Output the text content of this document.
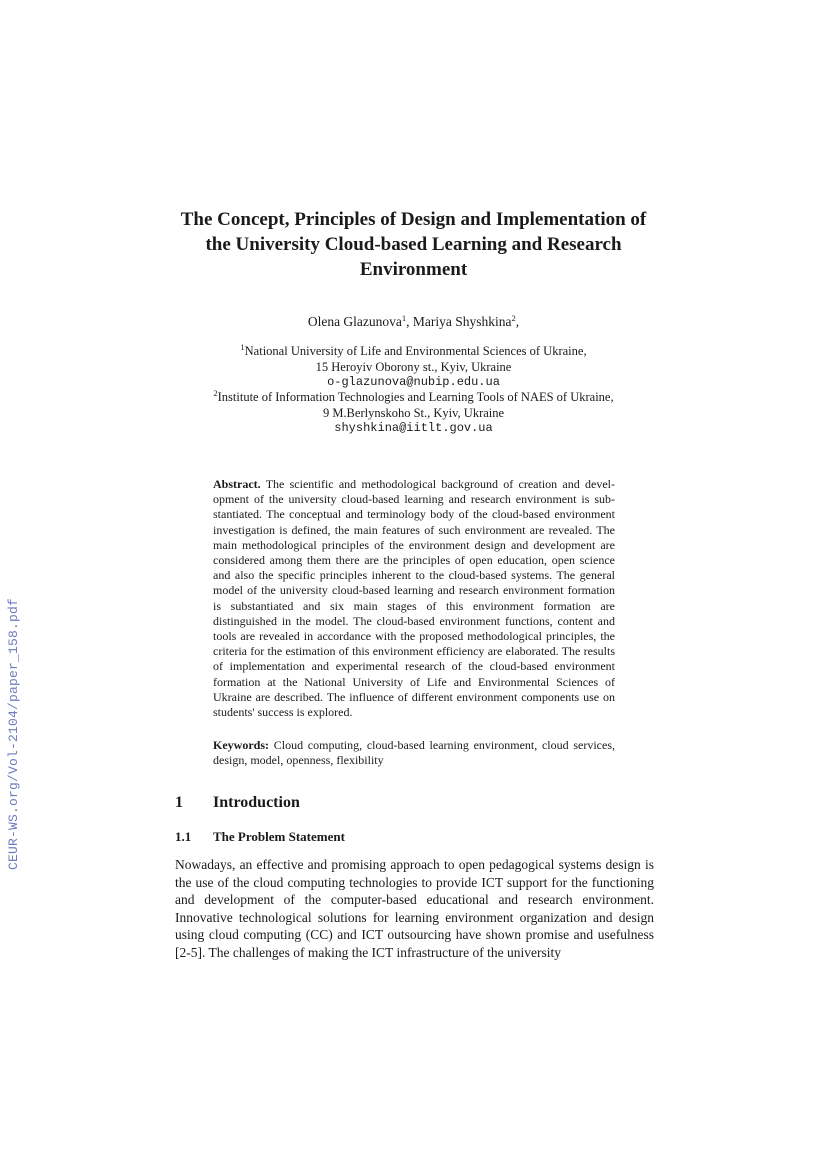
CEUR-WS.org/Vol-2104/paper_158.pdf

The Concept, Principles of Design and Implementation of

the University Cloud-based Learning and Research

Environment

Olena Glazunova$^1$, Mariya Shyshkina$^2$,
$^1$National University of Life and Environmental Sciences of Ukraine,
15 Heroyiv Oborony st., Kyiv, Ukraine
o-glazunova@nubip.edu.ua
$^2$Institute of Information Technologies and Learning Tools of NAES of Ukraine,
9 M.Berlynskoho St., Kyiv, Ukraine
shyshkina@iitlt.gov.ua
Abstract. The scientific and methodological background of creation and development of the university cloud-based learning and research environment is substantiated. The conceptual and terminology body of the cloud-based environment investigation is defined, the main features of such environment are revealed. The main methodological principles of the environment design and development are considered among them there are the principles of open education, open science and also the specific principles inherent to the cloud-based systems. The general model of the university cloud-based learning and research environment formation is substantiated and six main stages of this environment formation are distinguished in the model. The cloud-based environment functions, content and tools are revealed in accordance with the proposed methodological principles, the criteria for the estimation of this environment efficiency are elaborated. The results of implementation and experimental research of the cloud-based environment formation at the National University of Life and Environmental Sciences of Ukraine are described. The influence of different environment components use on students' success is explored.
Keywords: Cloud computing, cloud-based learning environment, cloud services, design, model, openness, flexibility
1 Introduction
1.1 The Problem Statement
Nowadays, an effective and promising approach to open pedagogical systems design is the use of the cloud computing technologies to provide ICT support for the functioning and development of the computer-based educational and research environment. Innovative technological solutions for learning environment organization and design using cloud computing (CC) and ICT outsourcing have shown promise and usefulness [2-5]. The challenges of making the ICT infrastructure of the university
